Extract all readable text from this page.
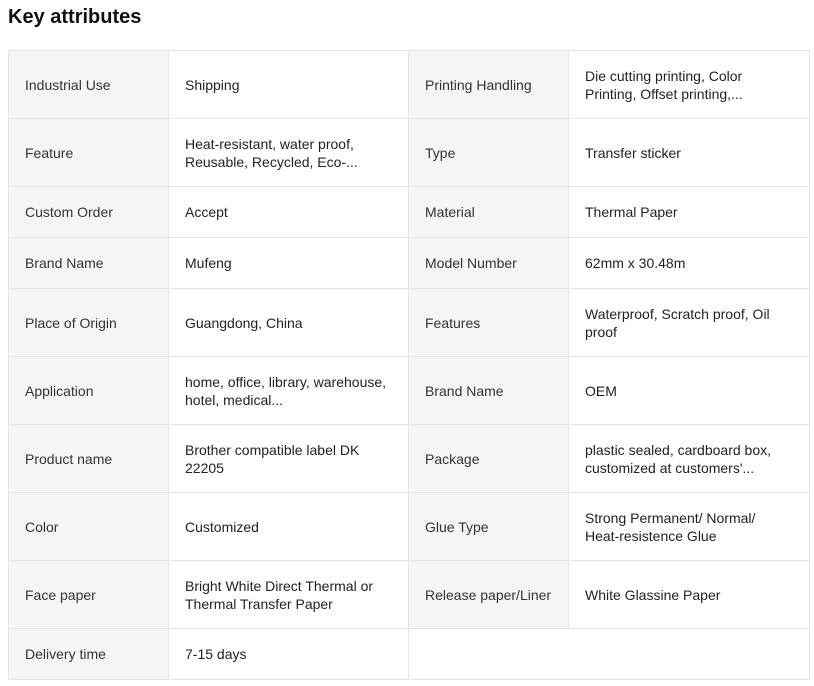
Key attributes
Industrial Use	Shipping	Printing Handling	Die cutting printing, Color Printing, Offset printing,...

Feature	Heat-resistant, water proof, Reusable, Recycled, Eco-...	Type	Transfer sticker

Custom Order	Accept	Material	Thermal Paper

Brand Name	Mufeng	Model Number	62mm x 30.48m

Place of Origin	Guangdong, China	Features	Waterproof, Scratch proof, Oil proof

Application	home, office, library, warehouse, hotel, medical...	Brand Name	OEM

Product name	Brother compatible label DK 22205	Package	plastic sealed, cardboard box, customized at customers'...

Color	Customized	Glue Type	Strong Permanent/ Normal/ Heat-resistence Glue

Face paper	Bright White Direct Thermal or Thermal Transfer Paper	Release paper/Liner	White Glassine Paper

Delivery time	7-15 days		
